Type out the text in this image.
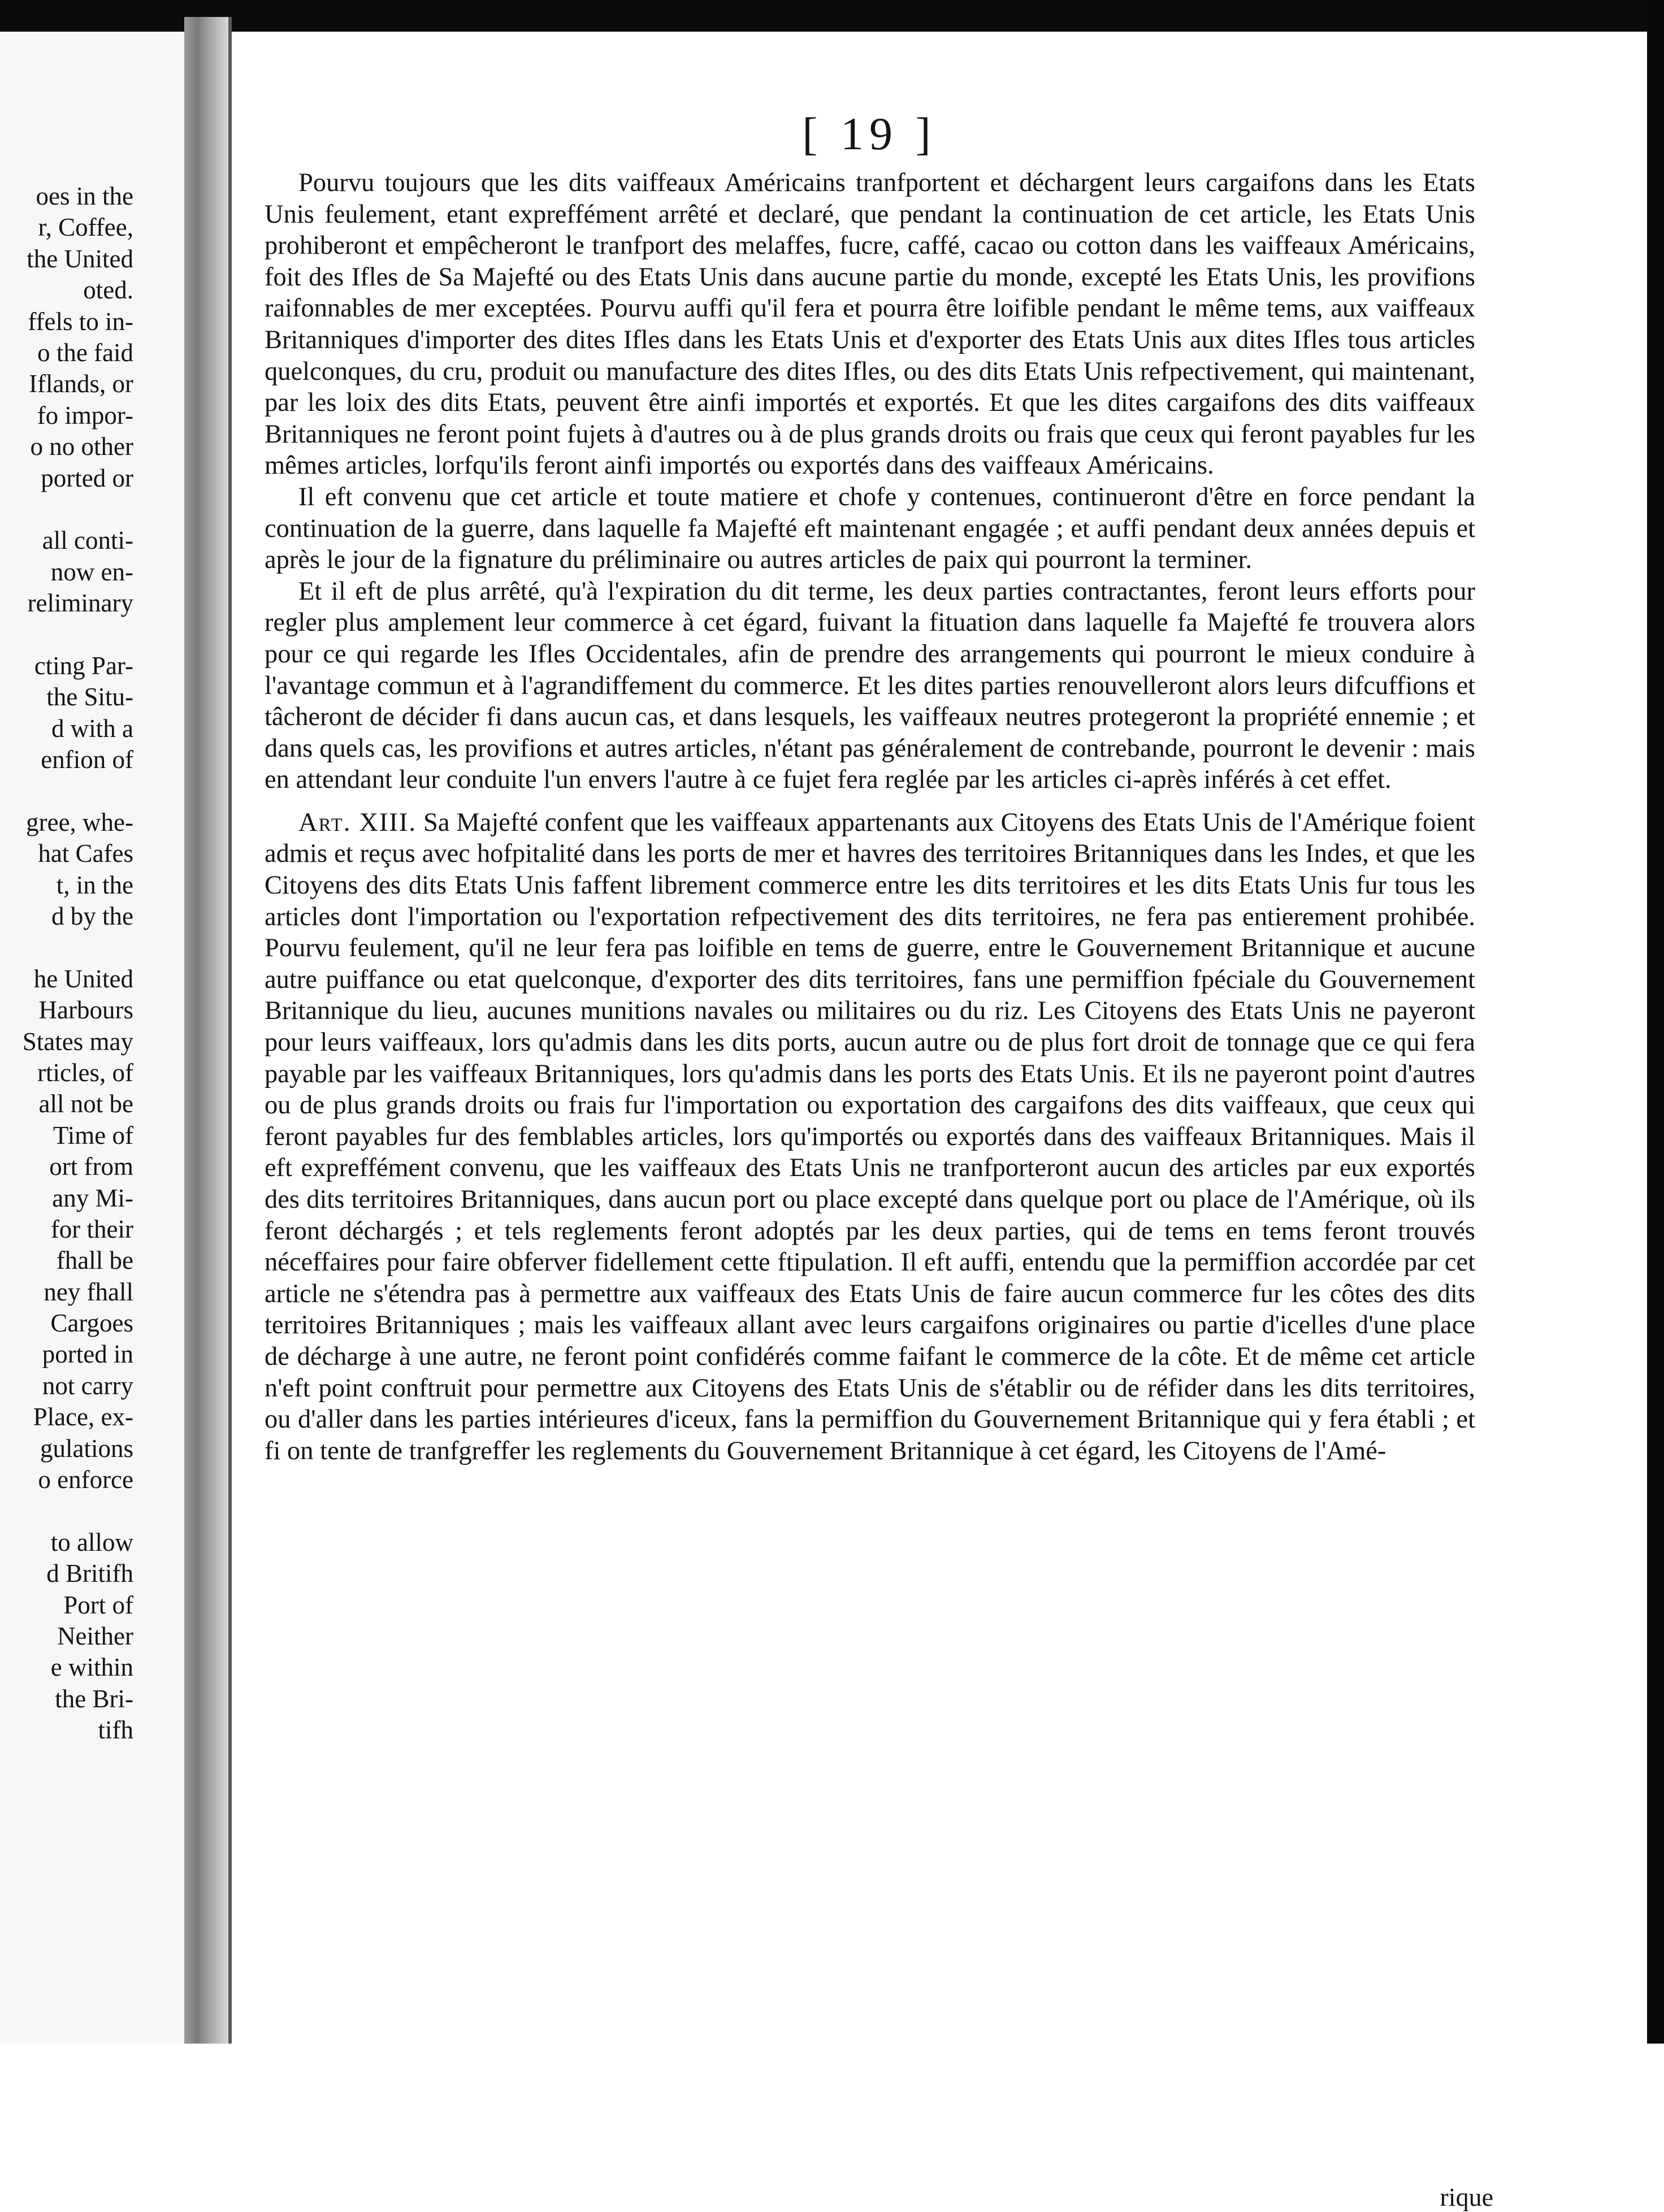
oes in the
r, Coffee,
the United
oted.
ffels to in-
o the faid
Iflands, or
fo impor-
o no other
ported or
all conti-
now en-
reliminary
cting Par-
the Situ-
d with a
enfion of
gree, whe-
hat Cafes
t, in the
d by the
he United
Harbours
States may
rticles, of
all not be
Time of
ort from
any Mi-
for their
fhall be
ney fhall
Cargoes
ported in
not carry
Place, ex-
gulations
o enforce
to allow
d Britifh
Port of
Neither
e within
the Bri-
tifh
[ 19 ]

Pourvu toujours que les dits vaiffeaux Américains tranfportent et déchargent leurs cargaifons dans les Etats Unis feulement, etant expreffément arrêté et declaré, que pendant la continuation de cet article, les Etats Unis prohiberont et empêcheront le tranfport des melaffes, fucre, caffé, cacao ou cotton dans les vaiffeaux Américains, foit des Ifles de Sa Majefté ou des Etats Unis dans aucune partie du monde, excepté les Etats Unis, les provifions raifonnables de mer exceptées. Pourvu auffi qu'il fera et pourra être loifible pendant le même tems, aux vaiffeaux Britanniques d'importer des dites Ifles dans les Etats Unis et d'exporter des Etats Unis aux dites Ifles tous articles quelconques, du cru, produit ou manufacture des dites Ifles, ou des dits Etats Unis refpectivement, qui maintenant, par les loix des dits Etats, peuvent être ainfi importés et exportés. Et que les dites cargaifons des dits vaiffeaux Britanniques ne feront point fujets à d'autres ou à de plus grands droits ou frais que ceux qui feront payables fur les mêmes articles, lorfqu'ils feront ainfi importés ou exportés dans des vaiffeaux Américains.

Il eft convenu que cet article et toute matiere et chofe y contenues, continueront d'être en force pendant la continuation de la guerre, dans laquelle fa Majefté eft maintenant engagée ; et auffi pendant deux années depuis et après le jour de la fignature du préliminaire ou autres articles de paix qui pourront la terminer.

Et il eft de plus arrêté, qu'à l'expiration du dit terme, les deux parties contractantes, feront leurs efforts pour regler plus amplement leur commerce à cet égard, fuivant la fituation dans laquelle fa Majefté fe trouvera alors pour ce qui regarde les Ifles Occidentales, afin de prendre des arrangements qui pourront le mieux conduire à l'avantage commun et à l'agrandiffement du commerce. Et les dites parties renouvelleront alors leurs difcuffions et tâcheront de décider fi dans aucun cas, et dans lesquels, les vaiffeaux neutres protegeront la propriété ennemie ; et dans quels cas, les provifions et autres articles, n'étant pas généralement de contrebande, pourront le devenir : mais en attendant leur conduite l'un envers l'autre à ce fujet fera reglée par les articles ci-après inférés à cet effet.

Art. XIII. Sa Majefté confent que les vaiffeaux appartenants aux Citoyens des Etats Unis de l'Amérique foient admis et reçus avec hofpitalité dans les ports de mer et havres des territoires Britanniques dans les Indes, et que les Citoyens des dits Etats Unis faffent librement commerce entre les dits territoires et les dits Etats Unis fur tous les articles dont l'importation ou l'exportation refpectivement des dits territoires, ne fera pas entierement prohibée. Pourvu feulement, qu'il ne leur fera pas loifible en tems de guerre, entre le Gouvernement Britannique et aucune autre puiffance ou etat quelconque, d'exporter des dits territoires, fans une permiffion fpéciale du Gouvernement Britannique du lieu, aucunes munitions navales ou militaires ou du riz. Les Citoyens des Etats Unis ne payeront pour leurs vaiffeaux, lors qu'admis dans les dits ports, aucun autre ou de plus fort droit de tonnage que ce qui fera payable par les vaiffeaux Britanniques, lors qu'admis dans les ports des Etats Unis. Et ils ne payeront point d'autres ou de plus grands droits ou frais fur l'importation ou exportation des cargaifons des dits vaiffeaux, que ceux qui feront payables fur des femblables articles, lors qu'importés ou exportés dans des vaiffeaux Britanniques. Mais il eft expreffément convenu, que les vaiffeaux des Etats Unis ne tranfporteront aucun des articles par eux exportés des dits territoires Britanniques, dans aucun port ou place excepté dans quelque port ou place de l'Amérique, où ils feront déchargés ; et tels reglements feront adoptés par les deux parties, qui de tems en tems feront trouvés néceffaires pour faire obferver fidellement cette ftipulation. Il eft auffi, entendu que la permiffion accordée par cet article ne s'étendra pas à permettre aux vaiffeaux des Etats Unis de faire aucun commerce fur les côtes des dits territoires Britanniques ; mais les vaiffeaux allant avec leurs cargaifons originaires ou partie d'icelles d'une place de décharge à une autre, ne feront point confidérés comme faifant le commerce de la côte. Et de même cet article n'eft point conftruit pour permettre aux Citoyens des Etats Unis de s'établir ou de réfider dans les dits territoires, ou d'aller dans les parties intérieures d'iceux, fans la permiffion du Gouvernement Britannique qui y fera établi ; et fi on tente de tranfgreffer les reglements du Gouvernement Britannique à cet égard, les Citoyens de l'Amé-

rique
